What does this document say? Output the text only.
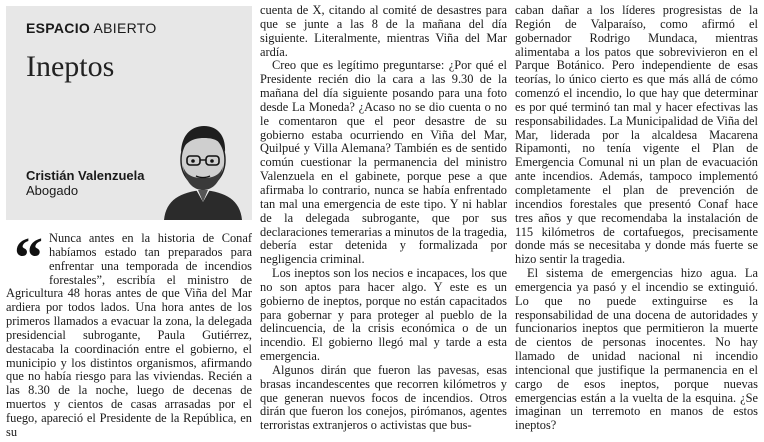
ESPACIO ABIERTO
Ineptos
Cristián Valenzuela
Abogado
“ Nunca antes en la historia de Conaf habíamos estado tan preparados para enfrentar una temporada de incendios forestales”, escribía el ministro de Agricultura 48 horas antes de que Viña del Mar ardiera por todos lados. Una hora antes de los primeros llamados a evacuar la zona, la delegada presidencial subrogante, Paula Gutiérrez, destacaba la coordinación entre el gobierno, el municipio y los distintos organismos, afirmando que no había riesgo para las viviendas. Recién a las 8.30 de la noche, luego de decenas de muertos y cientos de casas arrasadas por el fuego, apareció el Presidente de la República, en su

cuenta de X, citando al comité de desastres para que se junte a las 8 de la mañana del día siguiente. Literalmente, mientras Viña del Mar ardía.

Creo que es legítimo preguntarse: ¿Por qué el Presidente recién dio la cara a las 9.30 de la mañana del día siguiente posando para una foto desde La Moneda? ¿Acaso no se dio cuenta o no le comentaron que el peor desastre de su gobierno estaba ocurriendo en Viña del Mar, Quilpué y Villa Alemana? También es de sentido común cuestionar la permanencia del ministro Valenzuela en el gabinete, porque pese a que afirmaba lo contrario, nunca se había enfrentado tan mal una emergencia de este tipo. Y ni hablar de la delegada subrogante, que por sus declaraciones temerarias a minutos de la tragedia, debería estar detenida y formalizada por negligencia criminal.

Los ineptos son los necios e incapaces, los que no son aptos para hacer algo. Y este es un gobierno de ineptos, porque no están capacitados para gobernar y para proteger al pueblo de la delincuencia, de la crisis económica o de un incendio. El gobierno llegó mal y tarde a esta emergencia.

Algunos dirán que fueron las pavesas, esas brasas incandescentes que recorren kilómetros y que generan nuevos focos de incendios. Otros dirán que fueron los conejos, pirómanos, agentes terroristas extranjeros o activistas que bus-

caban dañar a los líderes progresistas de la Región de Valparaíso, como afirmó el gobernador Rodrigo Mundaca, mientras alimentaba a los patos que sobrevivieron en el Parque Botánico. Pero independiente de esas teorías, lo único cierto es que más allá de cómo comenzó el incendio, lo que hay que determinar es por qué terminó tan mal y hacer efectivas las responsabilidades. La Municipalidad de Viña del Mar, liderada por la alcaldesa Macarena Ripamonti, no tenía vigente el Plan de Emergencia Comunal ni un plan de evacuación ante incendios. Además, tampoco implementó completamente el plan de prevención de incendios forestales que presentó Conaf hace tres años y que recomendaba la instalación de 115 kilómetros de cortafuegos, precisamente donde más se necesitaba y donde más fuerte se hizo sentir la tragedia.

El sistema de emergencias hizo agua. La emergencia ya pasó y el incendio se extinguió. Lo que no puede extinguirse es la responsabilidad de una docena de autoridades y funcionarios ineptos que permitieron la muerte de cientos de personas inocentes. No hay llamado de unidad nacional ni incendio intencional que justifique la permanencia en el cargo de esos ineptos, porque nuevas emergencias están a la vuelta de la esquina. ¿Se imaginan un terremoto en manos de estos ineptos?
